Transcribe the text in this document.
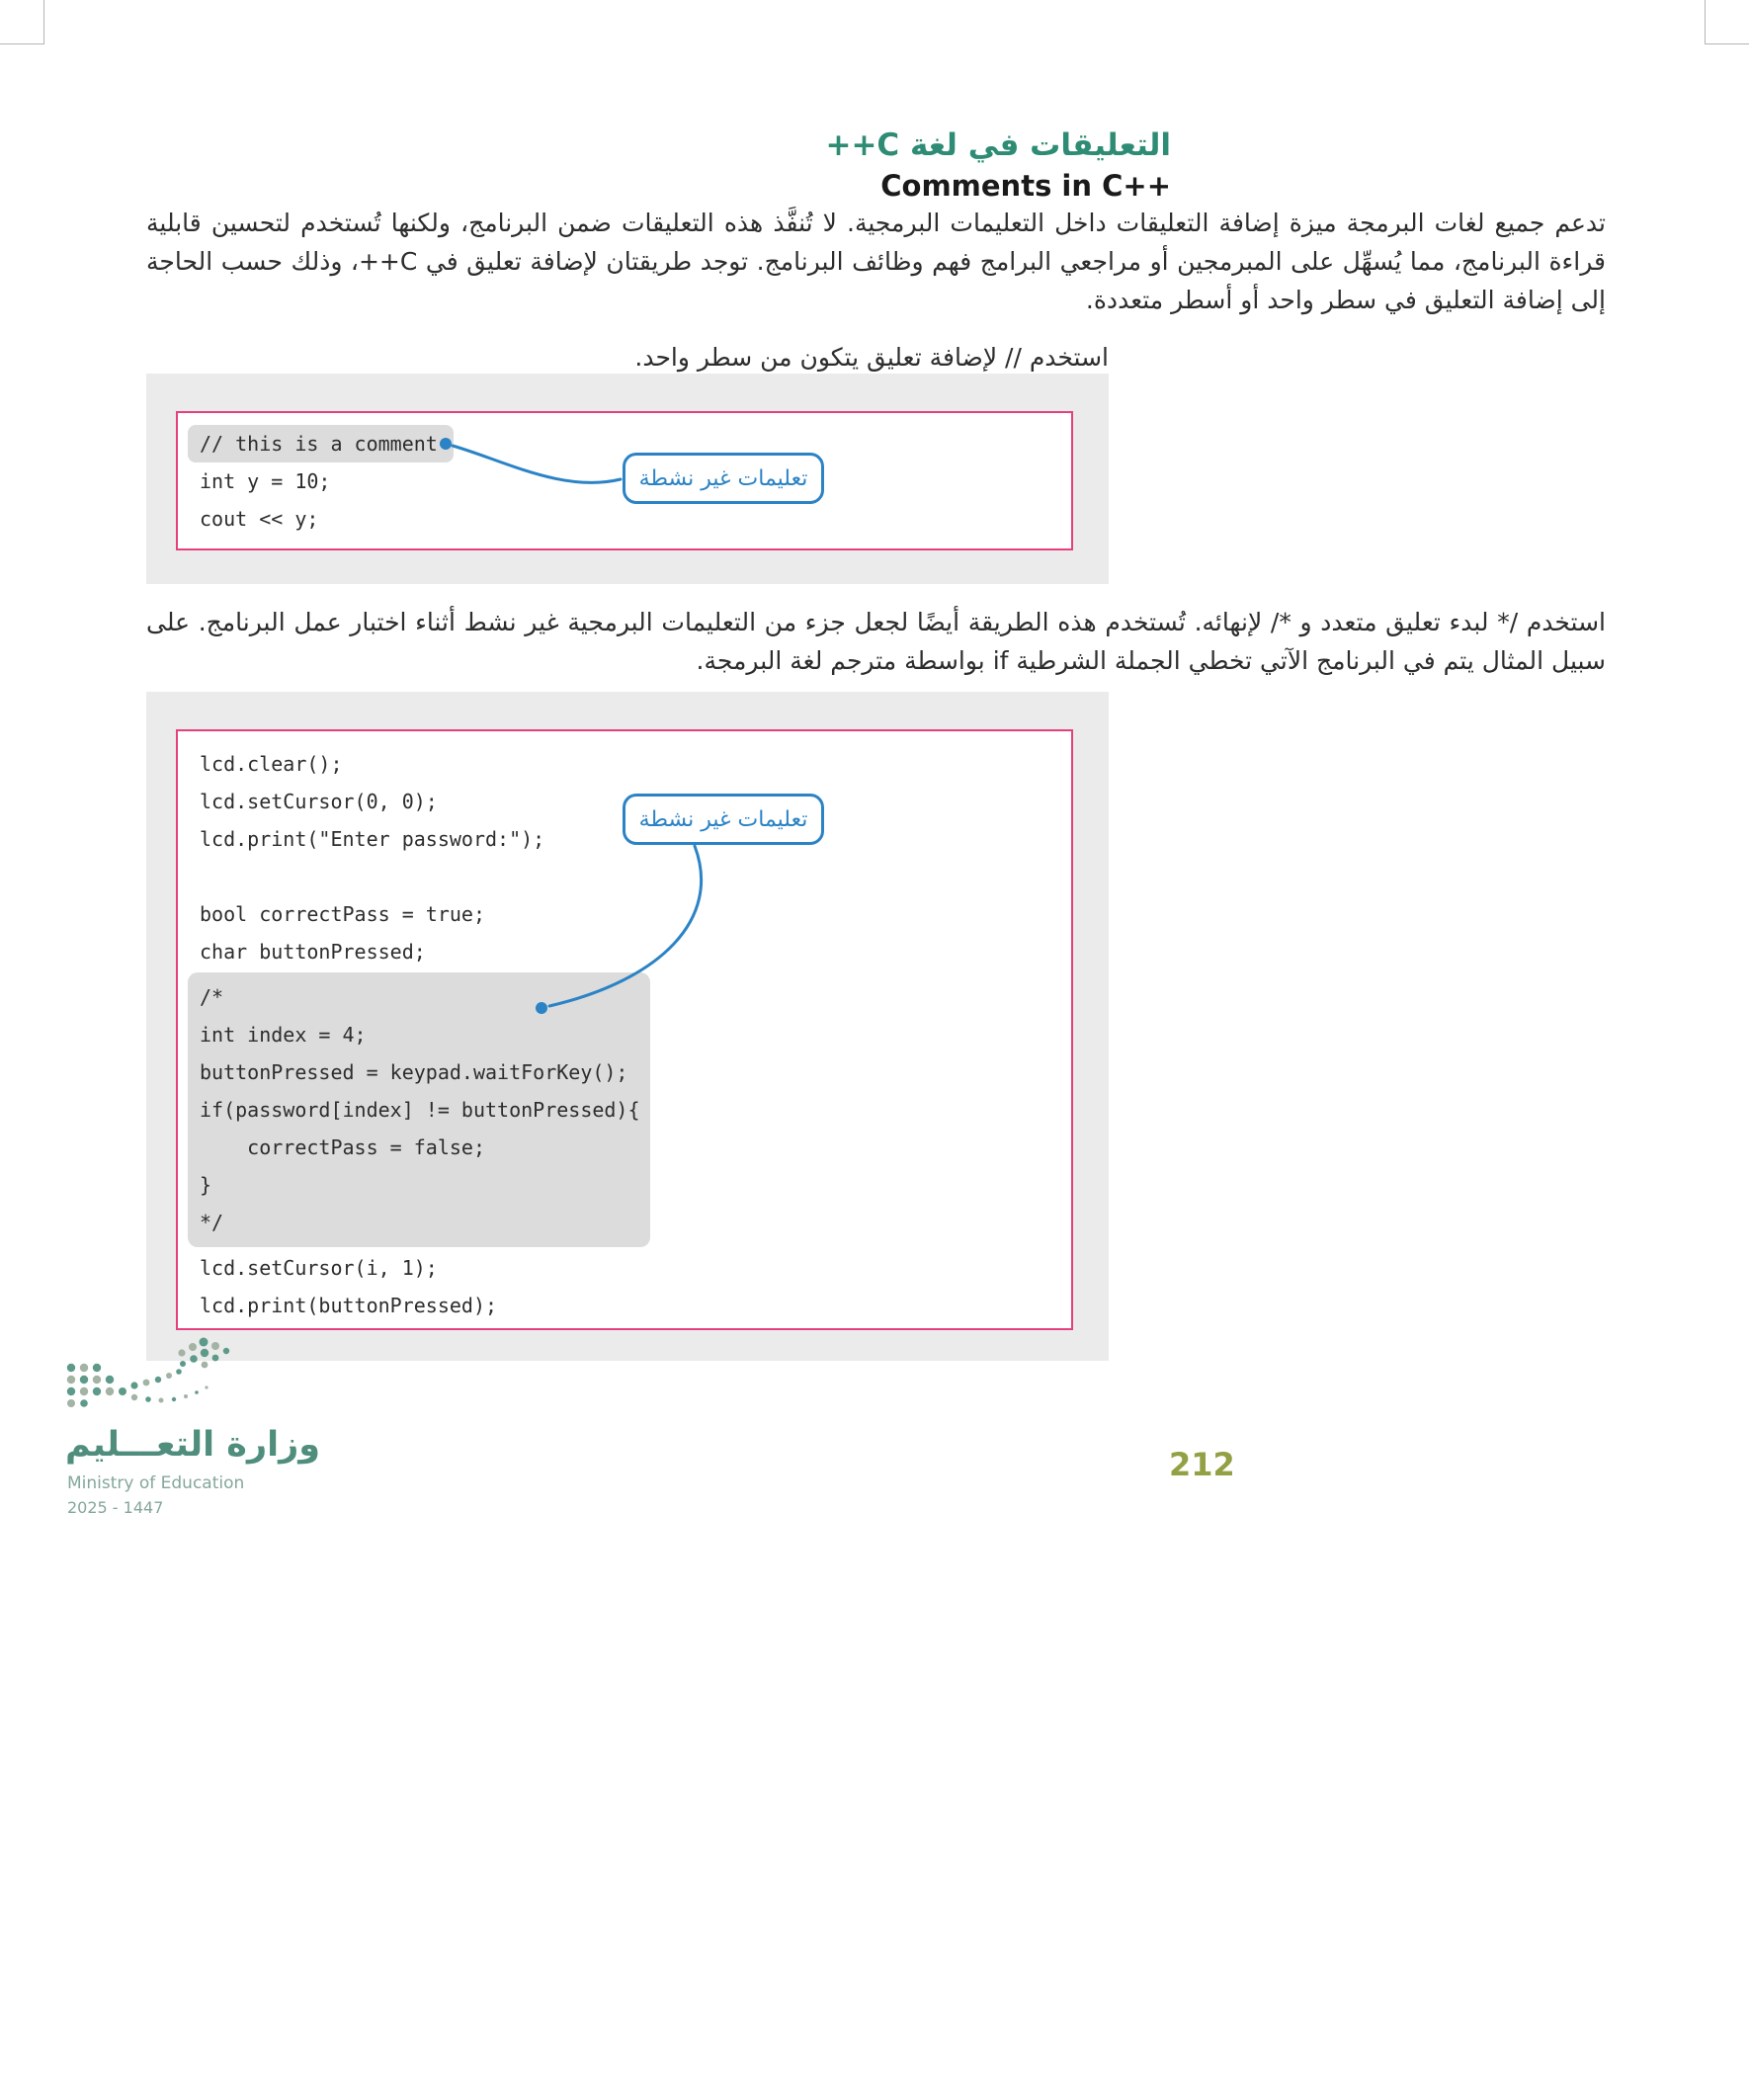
التعليقات في لغة C++
Comments in C++

تدعم جميع لغات البرمجة ميزة إضافة التعليقات داخل التعليمات البرمجية. لا تُنفَّذ هذه التعليقات ضمن البرنامج، ولكنها تُستخدم لتحسين قابلية قراءة البرنامج، مما يُسهِّل على المبرمجين أو مراجعي البرامج فهم وظائف البرنامج. توجد طريقتان لإضافة تعليق في C++، وذلك حسب الحاجة إلى إضافة التعليق في سطر واحد أو أسطر متعددة.

استخدم // لإضافة تعليق يتكون من سطر واحد.

// this is a comment
int y = 10;
cout << y;
تعليمات غير نشطة

استخدم /* لبدء تعليق متعدد و */ لإنهائه. تُستخدم هذه الطريقة أيضًا لجعل جزء من التعليمات البرمجية غير نشط أثناء اختبار عمل البرنامج. على سبيل المثال يتم في البرنامج الآتي تخطي الجملة الشرطية if بواسطة مترجم لغة البرمجة.

lcd.clear();
lcd.setCursor(0, 0);
lcd.print("Enter password:");
bool correctPass = true;
char buttonPressed;
/*
int index = 4;
buttonPressed = keypad.waitForKey();
if(password[index] != buttonPressed){
correctPass = false;
}
*/
lcd.setCursor(i, 1);
lcd.print(buttonPressed);
تعليمات غير نشطة
وزارة التعـــليم
Ministry of Education
2025 - 1447
212
